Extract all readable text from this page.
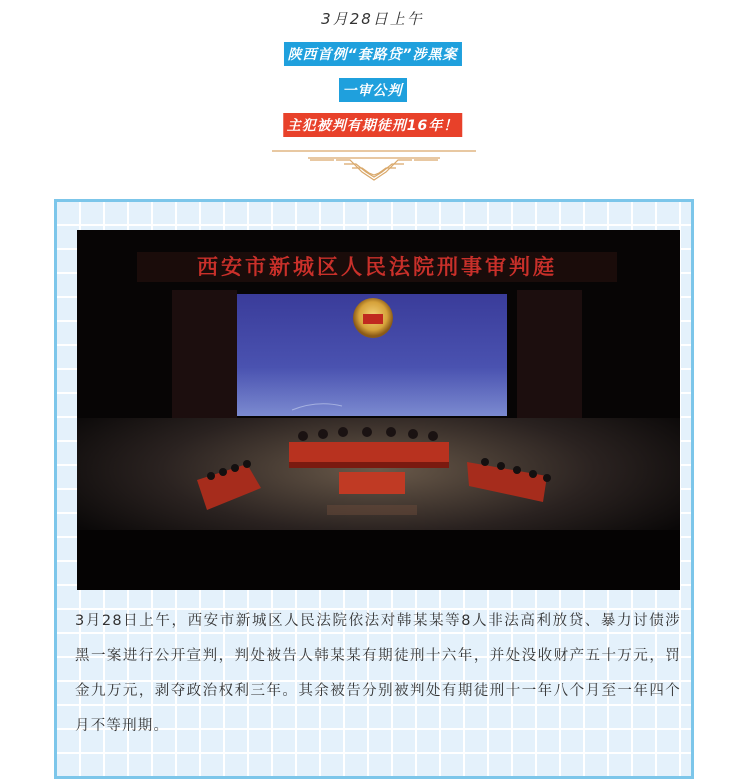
3月28日上午
陕西首例“套路贷”涉黑案
一审公判
主犯被判有期徒刑16年！
西安市新城区人民法院刑事审判庭
3月28日上午，西安市新城区人民法院依法对韩某某等8人非法高利放贷、暴力讨债涉黑一案进行公开宣判，判处被告人韩某某有期徒刑十六年，并处没收财产五十万元，罚金九万元，剥夺政治权利三年。其余被告分别被判处有期徒刑十一年八个月至一年四个月不等刑期。
